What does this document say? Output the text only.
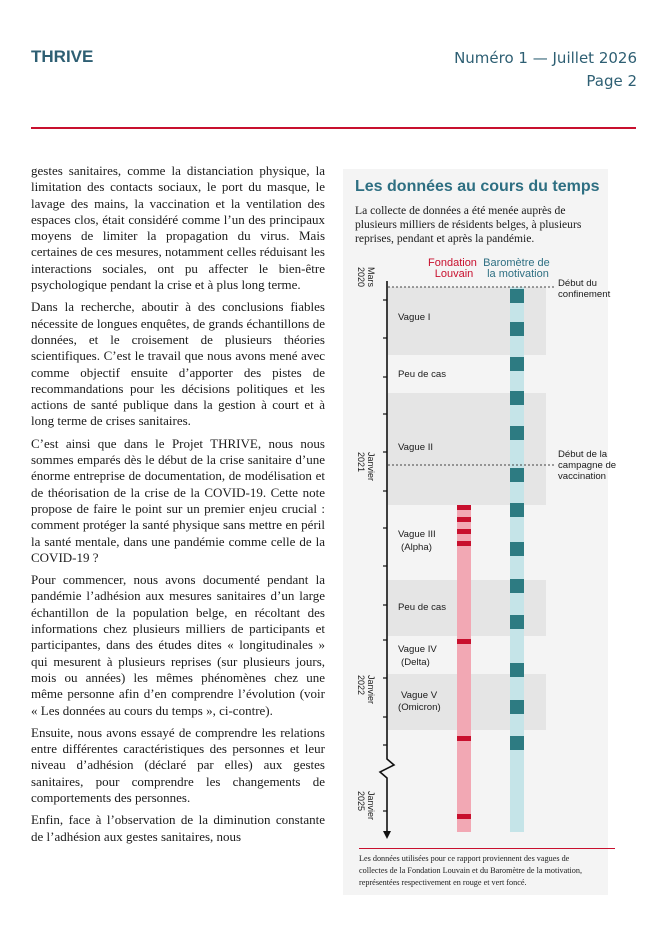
THRIVE	Numéro 1 — Juillet 2026
Page 2

gestes sanitaires, comme la distanciation physique, la limitation des contacts sociaux, le port du masque, le lavage des mains, la vaccination et la ventilation des espaces clos, était considéré comme l’un des principaux moyens de limiter la propagation du virus. Mais certaines de ces mesures, notamment celles réduisant les interactions sociales, ont pu affecter le bien-être psychologique pendant la crise et à plus long terme.

Dans la recherche, aboutir à des conclusions fiables nécessite de longues enquêtes, de grands échantillons de données, et le croisement de plusieurs théories scientifiques. C’est le travail que nous avons mené avec comme objectif ensuite d’apporter des pistes de recommandations pour les décisions politiques et les actions de santé publique dans la gestion à court et à long terme de crises sanitaires.

C’est ainsi que dans le Projet THRIVE, nous nous sommes emparés dès le début de la crise sanitaire d’une énorme entreprise de documentation, de modélisation et de théorisation de la crise de la COVID-19. Cette note propose de faire le point sur un premier enjeu crucial : comment protéger la santé physique sans mettre en péril la santé mentale, dans une pandémie comme celle de la COVID-19 ?

Pour commencer, nous avons documenté pendant la pandémie l’adhésion aux mesures sanitaires d’un large échantillon de la population belge, en récoltant des informations chez plusieurs milliers de participants et participantes, dans des études dites « longitudinales » qui mesurent à plusieurs reprises (sur plusieurs jours, mois ou années) les mêmes phénomènes chez une même personne afin d’en comprendre l’évolution (voir « Les données au cours du temps », ci-contre).

Ensuite, nous avons essayé de comprendre les relations entre différentes caractéristiques des personnes et leur niveau d’adhésion (déclaré par elles) aux gestes sanitaires, pour comprendre les changements de comportements des personnes.

Enfin, face à l’observation de la diminution constante de l’adhésion aux gestes sanitaires, nous

Fondation Louvain
Baromètre de la motivation
Mars 2020
Janvier 2021
Janvier 2022
Janvier 2025
Début du confinement
Début de la campagne de vaccination
Vague I
Peu de cas
Vague II
Vague III (Alpha)
Peu de cas
Vague IV (Delta)
Vague V (Omicron)
Les données au cours du temps
La collecte de données a été menée auprès de plusieurs milliers de résidents belges, à plusieurs reprises, pendant et après la pandémie.
Les données utilisées pour ce rapport proviennent des vagues de collectes de la Fondation Louvain et du Baromètre de la motivation, représentées respectivement en rouge et vert foncé.
